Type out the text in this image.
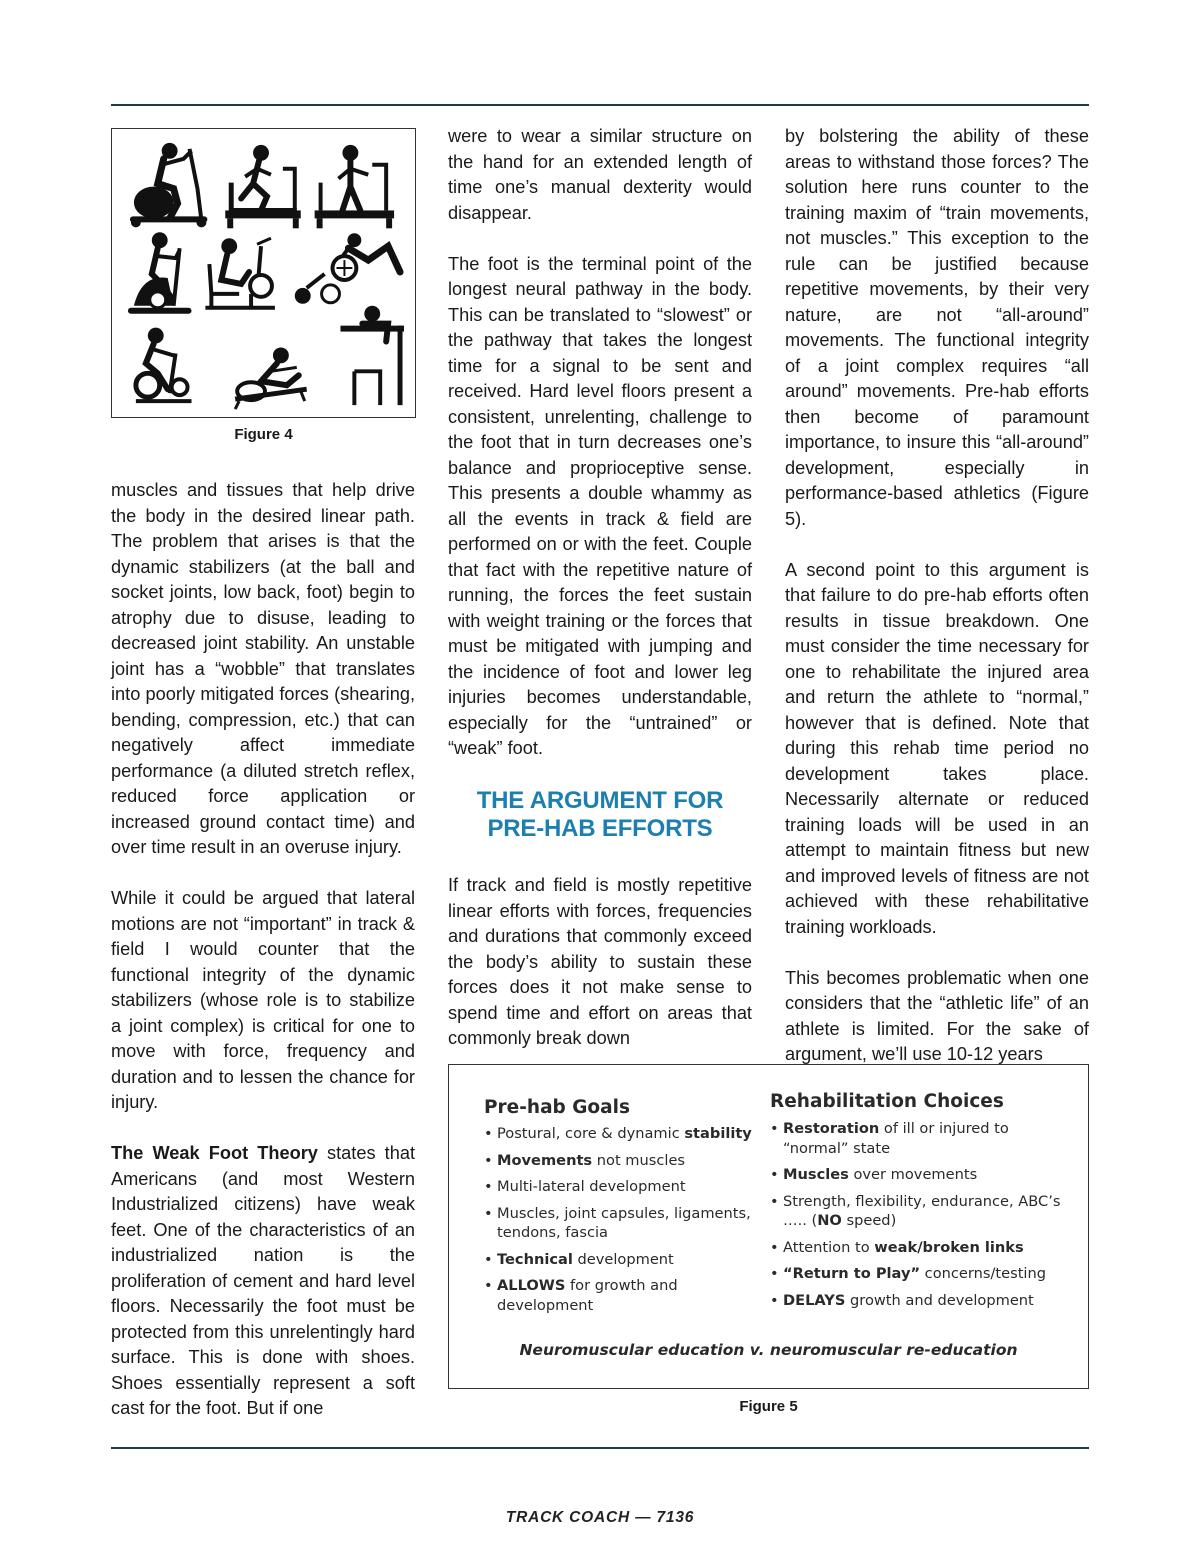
Figure 4

muscles and tissues that help drive the body in the desired linear path. The problem that arises is that the dynamic stabilizers (at the ball and socket joints, low back, foot) begin to atrophy due to disuse, leading to decreased joint stability. An unstable joint has a “wobble” that translates into poorly mitigated forces (shearing, bending, compression, etc.) that can negatively affect immediate performance (a diluted stretch reflex, reduced force application or increased ground contact time) and over time result in an overuse injury.

While it could be argued that lateral motions are not “important” in track & field I would counter that the functional integrity of the dynamic stabilizers (whose role is to stabilize a joint complex) is critical for one to move with force, frequency and duration and to lessen the chance for injury.

The Weak Foot Theory states that Americans (and most Western Industrialized citizens) have weak feet. One of the characteristics of an industrialized nation is the proliferation of cement and hard level floors. Necessarily the foot must be protected from this unrelentingly hard surface. This is done with shoes. Shoes essentially represent a soft cast for the foot. But if one

were to wear a similar structure on the hand for an extended length of time one’s manual dexterity would disappear.

The foot is the terminal point of the longest neural pathway in the body. This can be translated to “slowest” or the pathway that takes the longest time for a signal to be sent and received. Hard level floors present a consistent, unrelenting, challenge to the foot that in turn decreases one’s balance and proprioceptive sense. This presents a double whammy as all the events in track & field are performed on or with the feet. Couple that fact with the repetitive nature of running, the forces the feet sustain with weight training or the forces that must be mitigated with jumping and the incidence of foot and lower leg injuries becomes understandable, especially for the “untrained” or “weak” foot.

THE ARGUMENT FOR PRE-HAB EFFORTS

If track and field is mostly repetitive linear efforts with forces, frequencies and durations that commonly exceed the body’s ability to sustain these forces does it not make sense to spend time and effort on areas that commonly break down

by bolstering the ability of these areas to withstand those forces? The solution here runs counter to the training maxim of “train movements, not muscles.” This exception to the rule can be justified because repetitive movements, by their very nature, are not “all-around” movements. The functional integrity of a joint complex requires “all around” movements. Pre-hab efforts then become of paramount importance, to insure this “all-around” development, especially in performance-based athletics (Figure 5).

A second point to this argument is that failure to do pre-hab efforts often results in tissue breakdown. One must consider the time necessary for one to rehabilitate the injured area and return the athlete to “normal,” however that is defined. Note that during this rehab time period no development takes place. Necessarily alternate or reduced training loads will be used in an attempt to maintain fitness but new and improved levels of fitness are not achieved with these rehabilitative training workloads.

This becomes problematic when one considers that the “athletic life” of an athlete is limited. For the sake of argument, we’ll use 10-12 years

Pre-hab Goals
• Postural, core & dynamic stability
• Movements not muscles
• Multi-lateral development
• Muscles, joint capsules, ligaments, tendons, fascia
• Technical development
• ALLOWS for growth and development
Rehabilitation Choices
• Restoration of ill or injured to “normal” state
• Muscles over movements
• Strength, flexibility, endurance, ABC’s ….. (NO speed)
• Attention to weak/broken links
• “Return to Play” concerns/testing
• DELAYS growth and development
Neuromuscular education v. neuromuscular re-education
Figure 5
TRACK COACH — 7136
